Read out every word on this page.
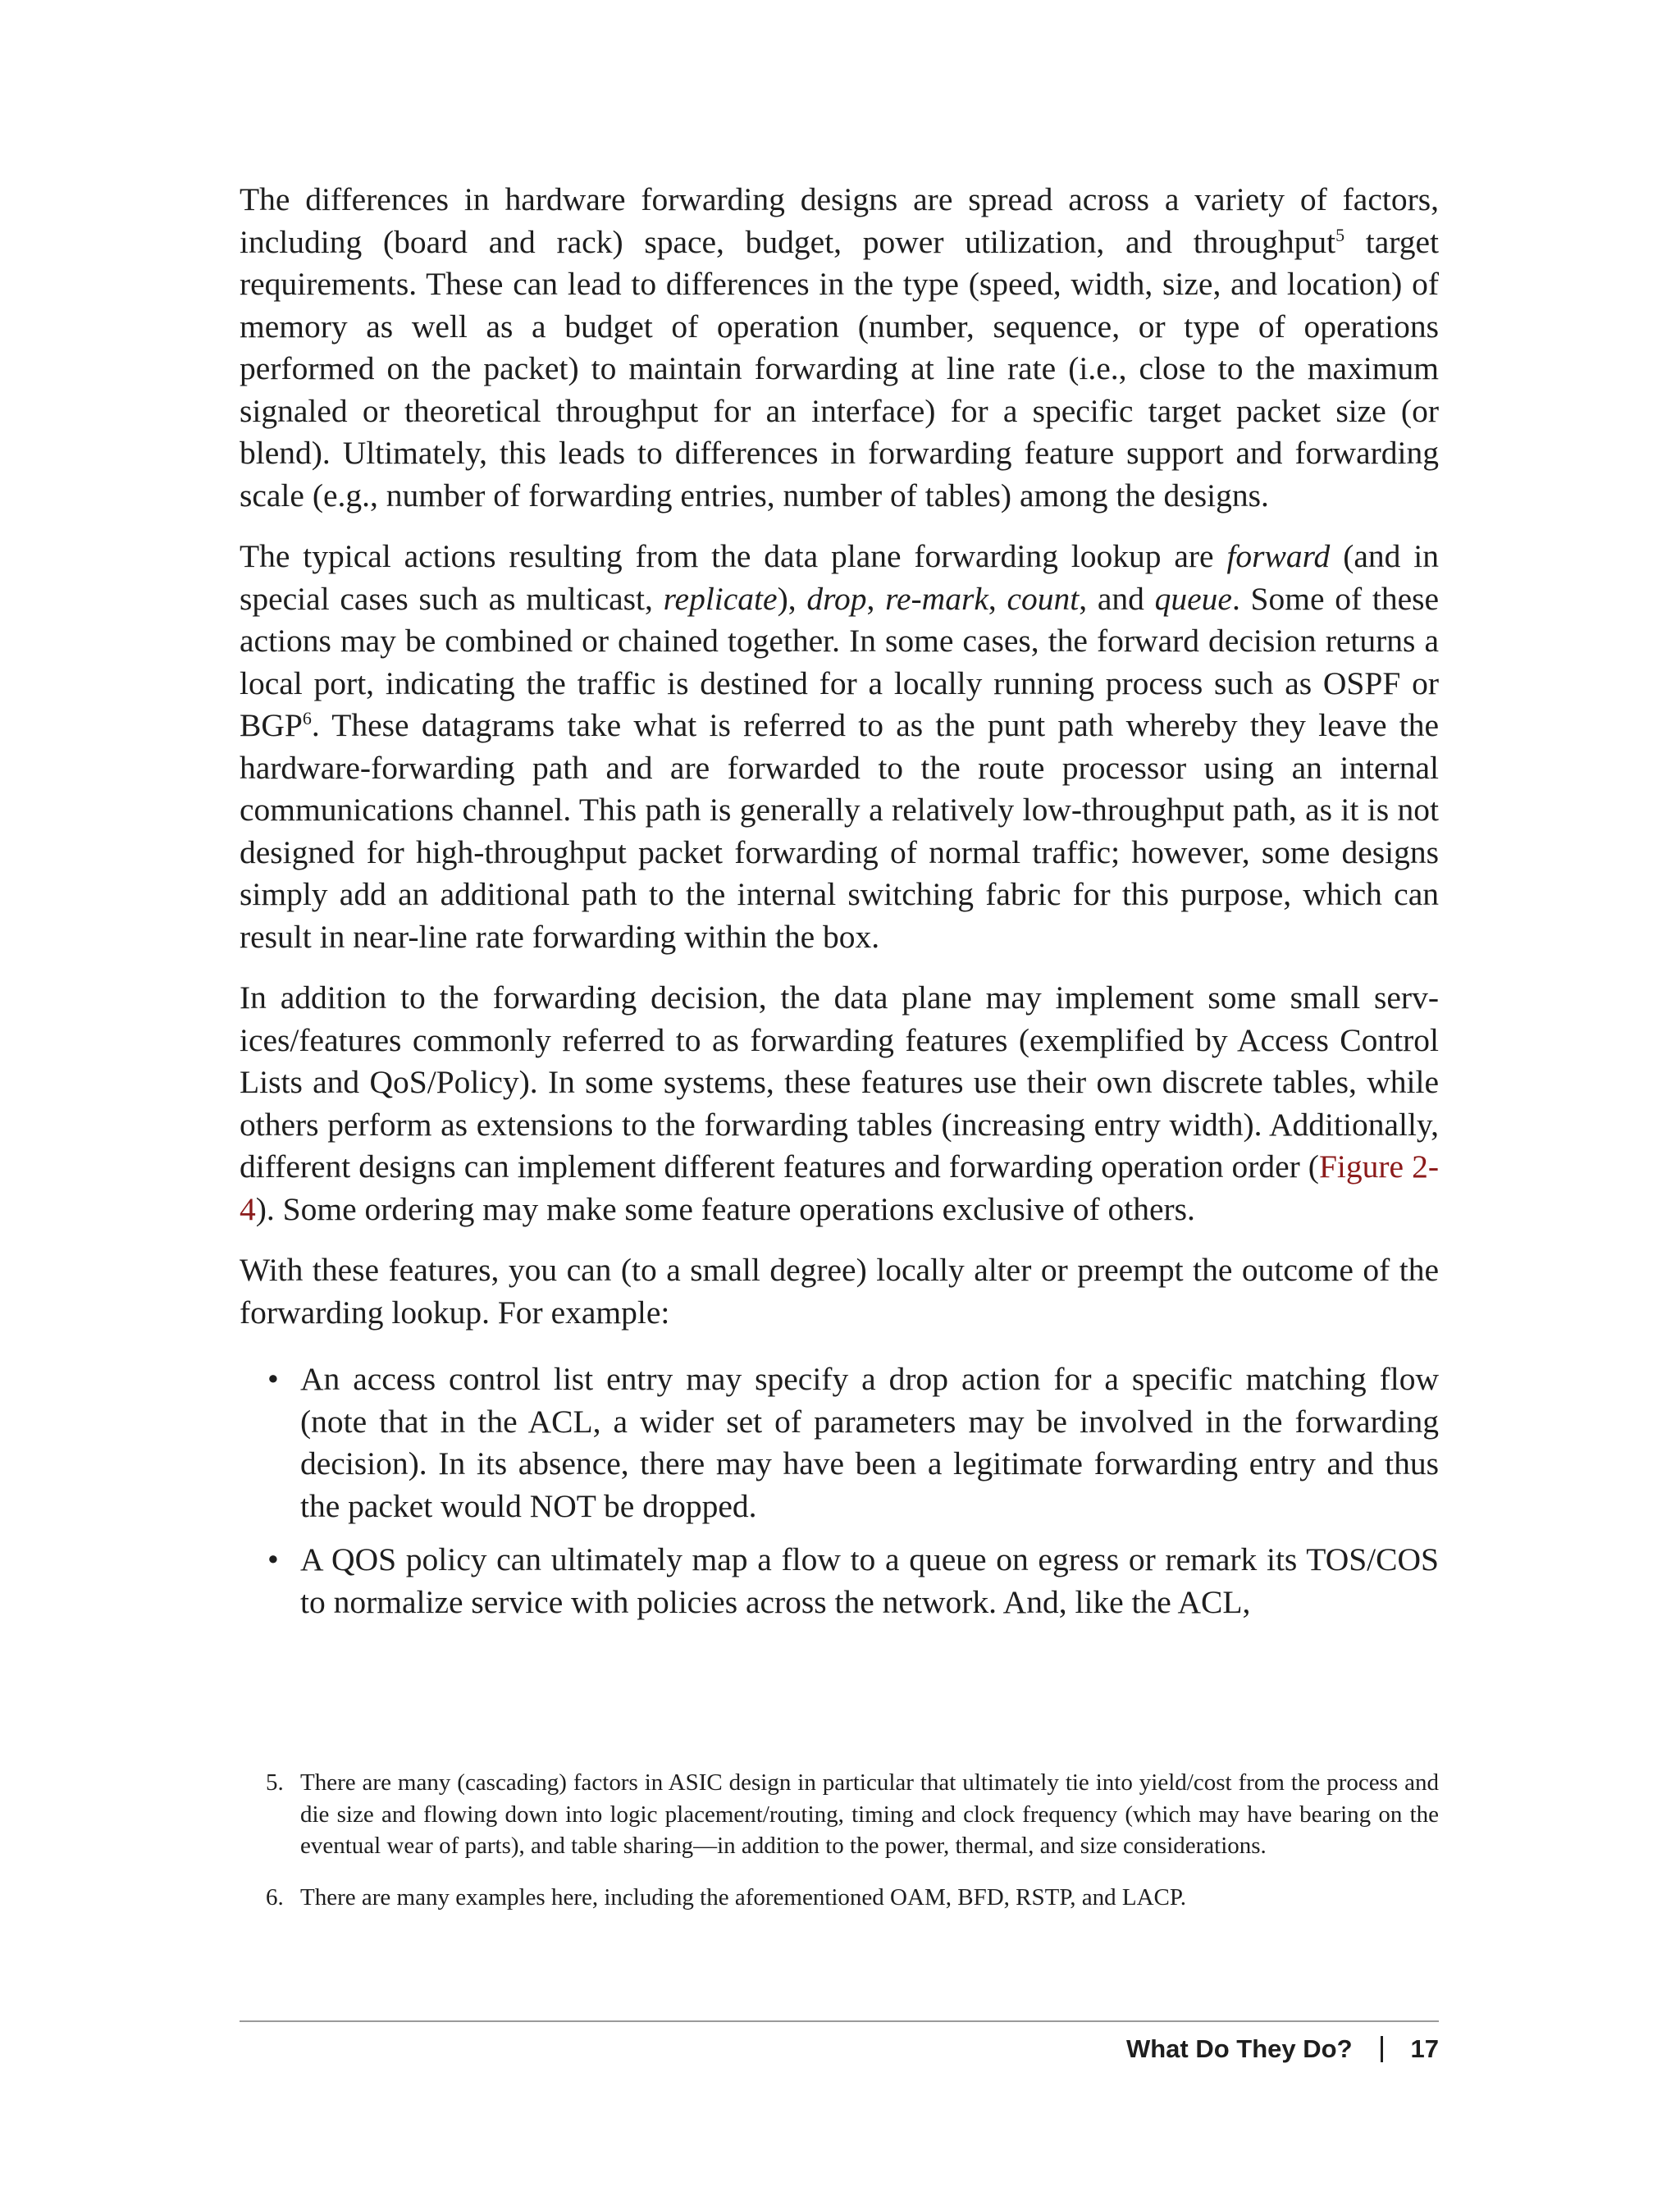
The differences in hardware forwarding designs are spread across a variety of factors, including (board and rack) space, budget, power utilization, and throughput$^5$ target requirements. These can lead to differences in the type (speed, width, size, and location) of memory as well as a budget of operation (number, sequence, or type of operations performed on the packet) to maintain forwarding at line rate (i.e., close to the maximum signaled or theoretical throughput for an interface) for a specific target packet size (or blend). Ultimately, this leads to differences in forwarding feature support and forwarding scale (e.g., number of forwarding entries, number of tables) among the designs.

The typical actions resulting from the data plane forwarding lookup are forward (and in special cases such as multicast, replicate), drop, re-mark, count, and queue. Some of these actions may be combined or chained together. In some cases, the forward decision returns a local port, indicating the traffic is destined for a locally running process such as OSPF or BGP$^6$. These datagrams take what is referred to as the punt path whereby they leave the hardware-forwarding path and are forwarded to the route processor using an internal communications channel. This path is generally a relatively low-throughput path, as it is not designed for high-throughput packet forwarding of normal traffic; however, some designs simply add an additional path to the internal switching fabric for this purpose, which can result in near-line rate forwarding within the box.

In addition to the forwarding decision, the data plane may implement some small services/features commonly referred to as forwarding features (exemplified by Access Control Lists and QoS/Policy). In some systems, these features use their own discrete tables, while others perform as extensions to the forwarding tables (increasing entry width). Additionally, different designs can implement different features and forwarding operation order (Figure 2-4). Some ordering may make some feature operations exclusive of others.

With these features, you can (to a small degree) locally alter or preempt the outcome of the forwarding lookup. For example:

• An access control list entry may specify a drop action for a specific matching flow (note that in the ACL, a wider set of parameters may be involved in the forwarding decision). In its absence, there may have been a legitimate forwarding entry and thus the packet would NOT be dropped.
• A QOS policy can ultimately map a flow to a queue on egress or remark its TOS/COS to normalize service with policies across the network. And, like the ACL,
5. There are many (cascading) factors in ASIC design in particular that ultimately tie into yield/cost from the process and die size and flowing down into logic placement/routing, timing and clock frequency (which may have bearing on the eventual wear of parts), and table sharing—in addition to the power, thermal, and size considerations.
6. There are many examples here, including the aforementioned OAM, BFD, RSTP, and LACP.
What Do They Do? 17
